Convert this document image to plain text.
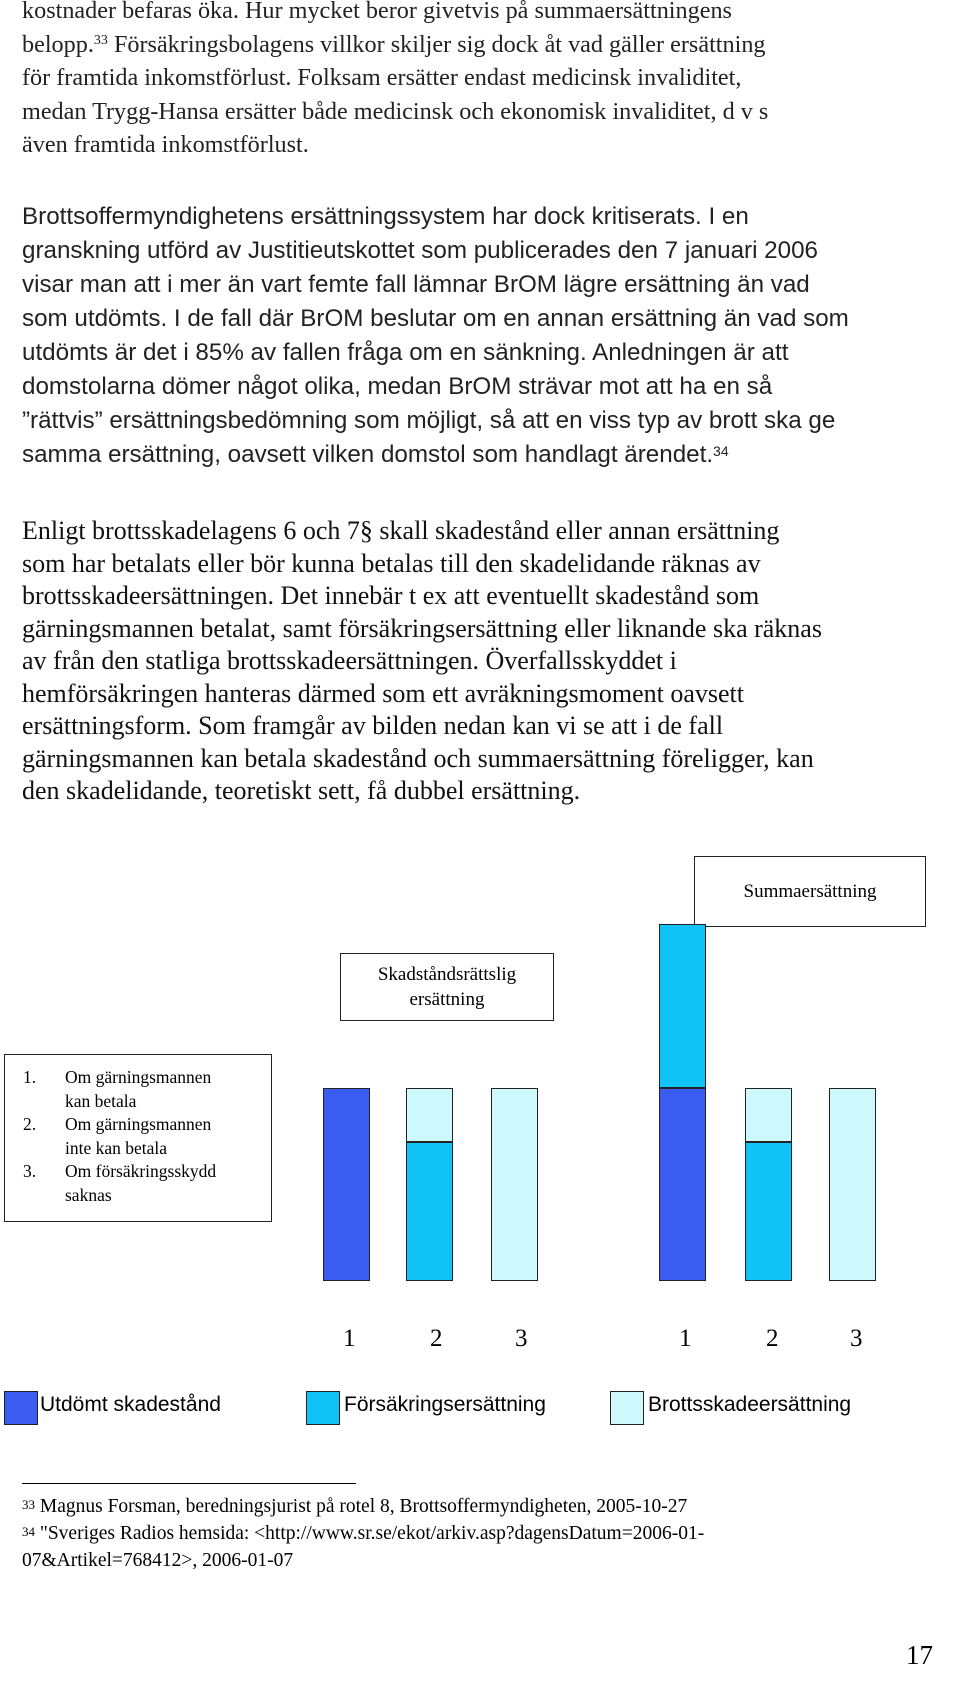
kostnader befaras öka. Hur mycket beror givetvis på summaersättningens
belopp.$^{33}$ Försäkringsbolagens villkor skiljer sig dock åt vad gäller ersättning
för framtida inkomstförlust. Folksam ersätter endast medicinsk invaliditet,
medan Trygg-Hansa ersätter både medicinsk och ekonomisk invaliditet, d v s
även framtida inkomstförlust.
Brottsoffermyndighetens ersättningssystem har dock kritiserats. I en
granskning utförd av Justitieutskottet som publicerades den 7 januari 2006
visar man att i mer än vart femte fall lämnar BrOM lägre ersättning än vad
som utdömts. I de fall där BrOM beslutar om en annan ersättning än vad som
utdömts är det i 85% av fallen fråga om en sänkning. Anledningen är att
domstolarna dömer något olika, medan BrOM strävar mot att ha en så
”rättvis” ersättningsbedömning som möjligt, så att en viss typ av brott ska ge
samma ersättning, oavsett vilken domstol som handlagt ärendet.$^{34}$
Enligt brottsskadelagens 6 och 7§ skall skadestånd eller annan ersättning
som har betalats eller bör kunna betalas till den skadelidande räknas av
brottsskadeersättningen. Det innebär t ex att eventuellt skadestånd som
gärningsmannen betalat, samt försäkringsersättning eller liknande ska räknas
av från den statliga brottsskadeersättningen. Överfallsskyddet i
hemförsäkringen hanteras därmed som ett avräkningsmoment oavsett
ersättningsform. Som framgår av bilden nedan kan vi se att i de fall
gärningsmannen kan betala skadestånd och summaersättning föreligger, kan
den skadelidande, teoretiskt sett, få dubbel ersättning.
Summaersättning
Skadståndsrättslig
ersättning
1.	Om gärningsmannen
kan betala
2.	Om gärningsmannen
inte kan betala
3.	Om försäkringsskydd
saknas
1	2	3	1	2	3
Utdömt skadestånd	Försäkringsersättning	Brottsskadeersättning
$^{33}$ Magnus Forsman, beredningsjurist på rotel 8, Brottsoffermyndigheten, 2005-10-27
$^{34}$ "Sveriges Radios hemsida: <http://www.sr.se/ekot/arkiv.asp?dagensDatum=2006-01-
07&Artikel=768412>, 2006-01-07
17
